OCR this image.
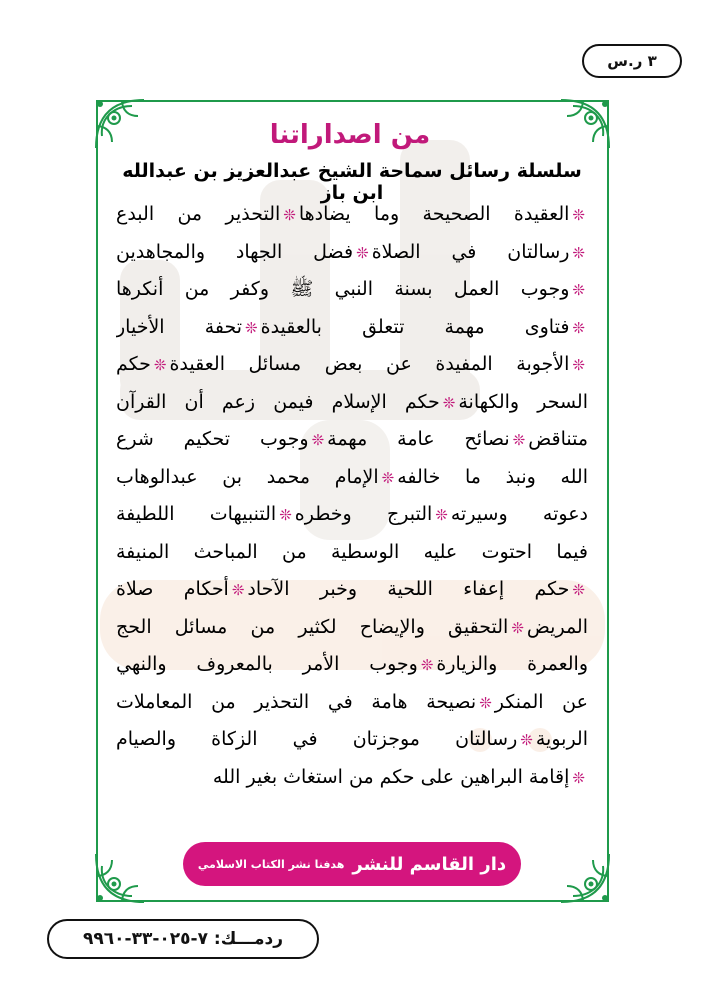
٣ ر.س
من اصداراتنا
سلسلة رسائل سماحة الشيخ عبدالعزيز بن عبدالله ابن باز
❊العقيدة الصحيحة وما يضادها❊التحذير من البدع
❊رسالتان في الصلاة❊فضل الجهاد والمجاهدين
❊وجوب العمل بسنة النبي ﷺ وكفر من أنكرها
❊فتاوى مهمة تتعلق بالعقيدة❊تحفة الأخيار
❊الأجوبة المفيدة عن بعض مسائل العقيدة❊حكم
السحر والكهانة❊حكم الإسلام فيمن زعم أن القرآن
متناقض❊نصائح عامة مهمة❊وجوب تحكيم شرع
الله ونبذ ما خالفه❊الإمام محمد بن عبدالوهاب
دعوته وسيرته❊التبرج وخطره❊التنبيهات اللطيفة
فيما احتوت عليه الوسطية من المباحث المنيفة
❊حكم إعفاء اللحية وخبر الآحاد❊أحكام صلاة
المريض❊التحقيق والإيضاح لكثير من مسائل الحج
والعمرة والزيارة❊وجوب الأمر بالمعروف والنهي
عن المنكر❊نصيحة هامة في التحذير من المعاملات
الربوية❊رسالتان موجزتان في الزكاة والصيام
❊إقامة البراهين على حكم من استغاث بغير الله
دار القاسم للنشر
هدفنا نشر الكتاب الاسلامي
ردمـــك: ٧-٠٢٥-٣٣-٩٩٦٠
